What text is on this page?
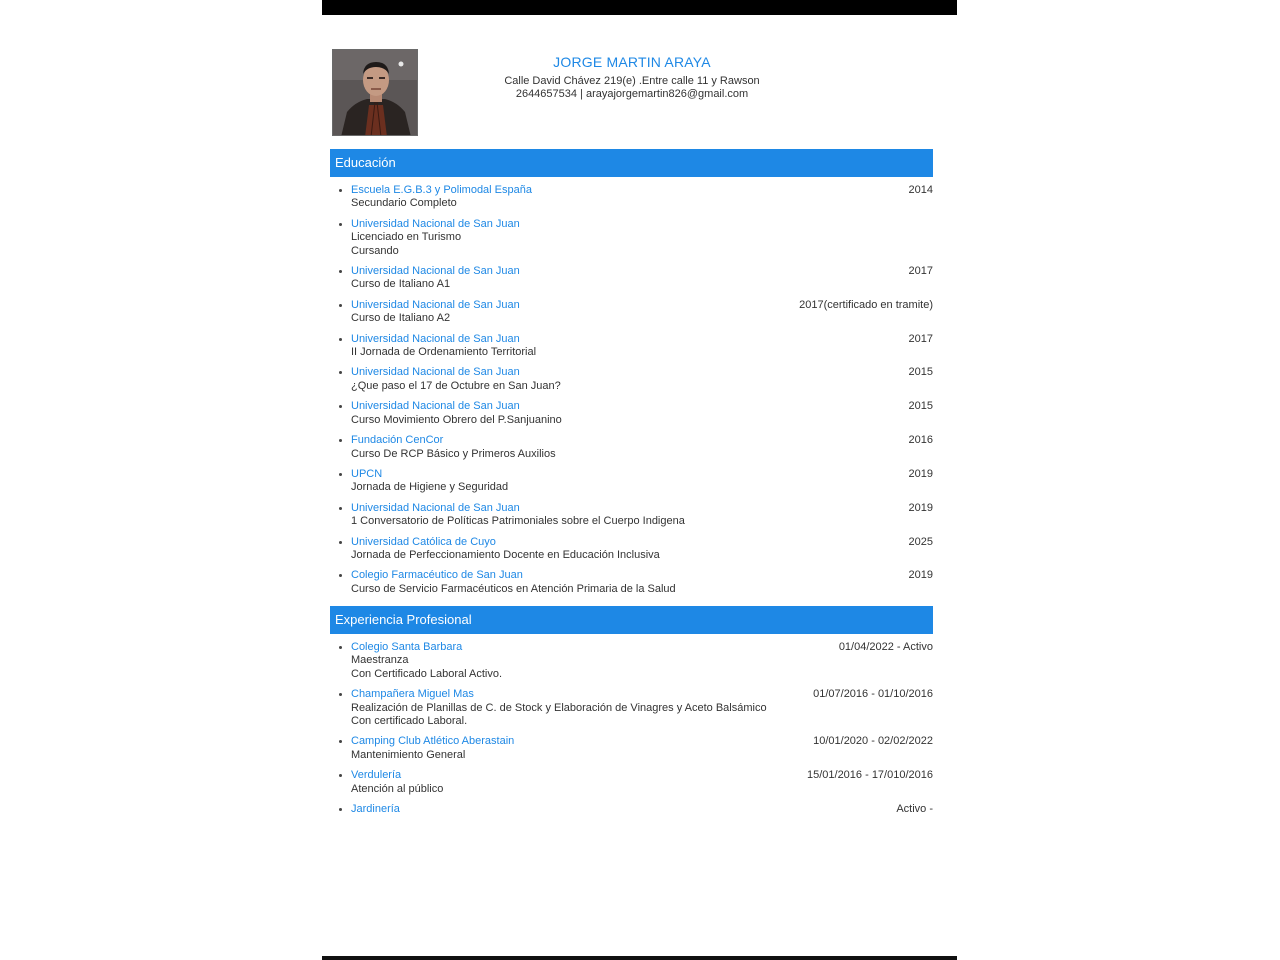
JORGE MARTIN ARAYA
Calle David Chávez 219(e) .Entre calle 11 y Rawson
2644657534 | arayajorgemartin826@gmail.com
Educación
Escuela E.G.B.3 y Polimodal España
Secundario Completo
2014
Universidad Nacional de San Juan
Licenciado en Turismo
Cursando
Universidad Nacional de San Juan
Curso de Italiano A1
2017
Universidad Nacional de San Juan
Curso de Italiano A2
2017(certificado en tramite)
Universidad Nacional de San Juan
II Jornada de Ordenamiento Territorial
2017
Universidad Nacional de San Juan
¿Que paso el 17 de Octubre en San Juan?
2015
Universidad Nacional de San Juan
Curso Movimiento Obrero del P.Sanjuanino
2015
Fundación CenCor
Curso De RCP Básico y Primeros Auxilios
2016
UPCN
Jornada de Higiene y Seguridad
2019
Universidad Nacional de San Juan
1 Conversatorio de Políticas Patrimoniales sobre el Cuerpo Indigena
2019
Universidad Católica de Cuyo
Jornada de Perfeccionamiento Docente en Educación Inclusiva
2025
Colegio Farmacéutico de San Juan
Curso de Servicio Farmacéuticos en Atención Primaria de la Salud
2019
Experiencia Profesional
Colegio Santa Barbara
Maestranza
Con Certificado Laboral Activo.
01/04/2022 - Activo
Champañera Miguel Mas
Realización de Planillas de C. de Stock y Elaboración de Vinagres y Aceto Balsámico
Con certificado Laboral.
01/07/2016 - 01/10/2016
Camping Club Atlético Aberastain
Mantenimiento General
10/01/2020 - 02/02/2022
Verdulería
Atención al público
15/01/2016 - 17/010/2016
Jardinería	Activo -
